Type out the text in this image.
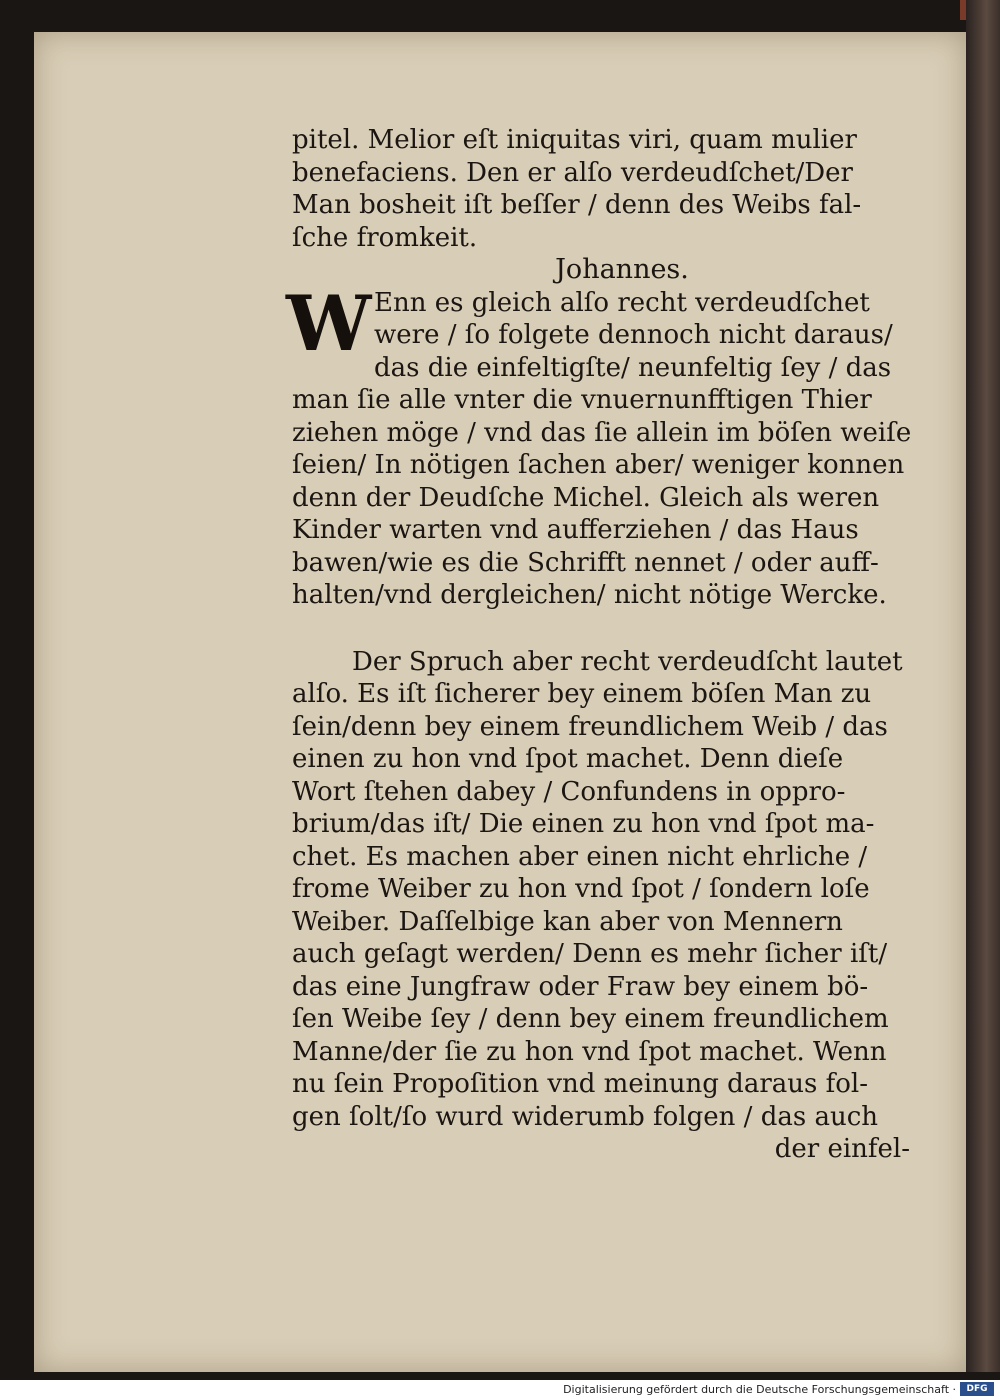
pitel. Melior eſt iniquitas viri, quam mulier
benefaciens. Den er alſo verdeudſchet/Der
Man bosheit iſt beſſer / denn des Weibs fal‐
ſche fromkeit.
Johannes.
W Enn es gleich alſo recht verdeudſchet
were / ſo folgete dennoch nicht daraus/
das die einfeltigſte/ neunfeltig ſey / das
man ſie alle vnter die vnuernunfftigen Thier
ziehen möge / vnd das ſie allein im böſen weiſe
ſeien/ In nötigen ſachen aber/ weniger konnen
denn der Deudſche Michel. Gleich als weren
Kinder warten vnd aufferziehen / das Haus
bawen/wie es die Schrifft nennet / oder auff‐
halten/vnd dergleichen/ nicht nötige Wercke.
Der Spruch aber recht verdeudſcht lautet
alſo. Es iſt ſicherer bey einem böſen Man zu
ſein/denn bey einem freundlichem Weib / das
einen zu hon vnd ſpot machet. Denn dieſe
Wort ſtehen dabey / Confundens in oppro‐
brium/das iſt/ Die einen zu hon vnd ſpot ma‐
chet. Es machen aber einen nicht ehrliche /
frome Weiber zu hon vnd ſpot / ſondern loſe
Weiber. Daſſelbige kan aber von Mennern
auch geſagt werden/ Denn es mehr ſicher iſt/
das eine Jungfraw oder Fraw bey einem bö‐
ſen Weibe ſey / denn bey einem freundlichem
Manne/der ſie zu hon vnd ſpot machet. Wenn
nu ſein Propoſition vnd meinung daraus fol‐
gen ſolt/ſo wurd widerumb folgen / das auch
der einfel‐
Digitalisierung gefördert durch die Deutsche Forschungsgemeinschaft ·	DFG
